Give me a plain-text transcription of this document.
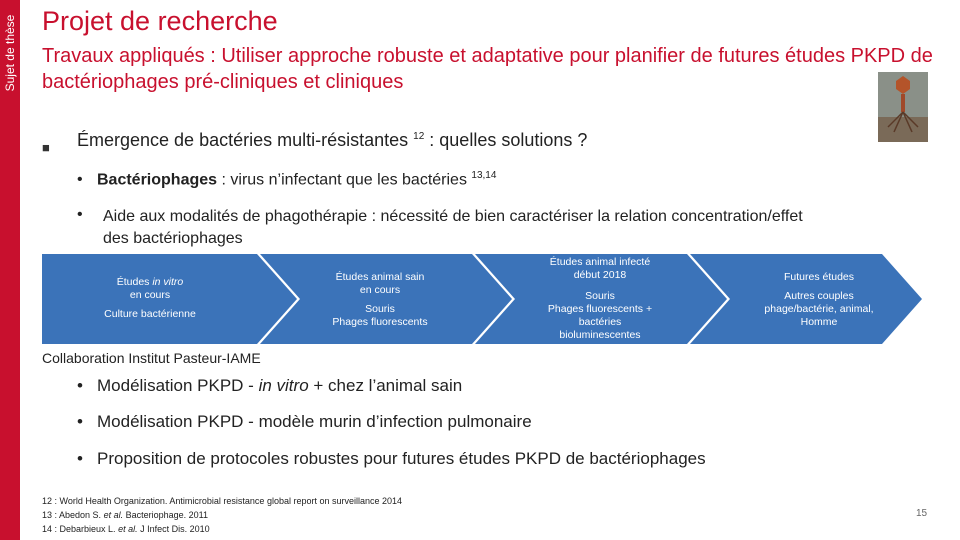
Sujet de thèse Projet de recherche
Travaux appliqués : Utiliser approche robuste et adaptative pour planifier de futures études PKPD de bactériophages pré-cliniques et cliniques
■ Émergence de bactéries multi-résistantes $^{12}$ : quelles solutions ?
• Bactériophages : virus n’infectant que les bactéries $^{13,14}$
• Aide aux modalités de phagothérapie : nécessité de bien caractériser la relation concentration/effet des bactériophages
Études in vitro
en cours
Culture bactérienne
Études animal sain
en cours
Souris
Phages fluorescents
Études animal infecté
début 2018
Souris
Phages fluorescents +
bactéries
bioluminescentes
Futures études
Autres couples
phage/bactérie, animal,
Homme
Collaboration Institut Pasteur-IAME
• Modélisation PKPD - in vitro + chez l’animal sain
• Modélisation PKPD - modèle murin d’infection pulmonaire
• Proposition de protocoles robustes pour futures études PKPD de bactériophages
12 : World Health Organization. Antimicrobial resistance global report on surveillance 2014
13 : Abedon S. et al. Bacteriophage. 2011
14 : Debarbieux L. et al. J Infect Dis. 2010
15
